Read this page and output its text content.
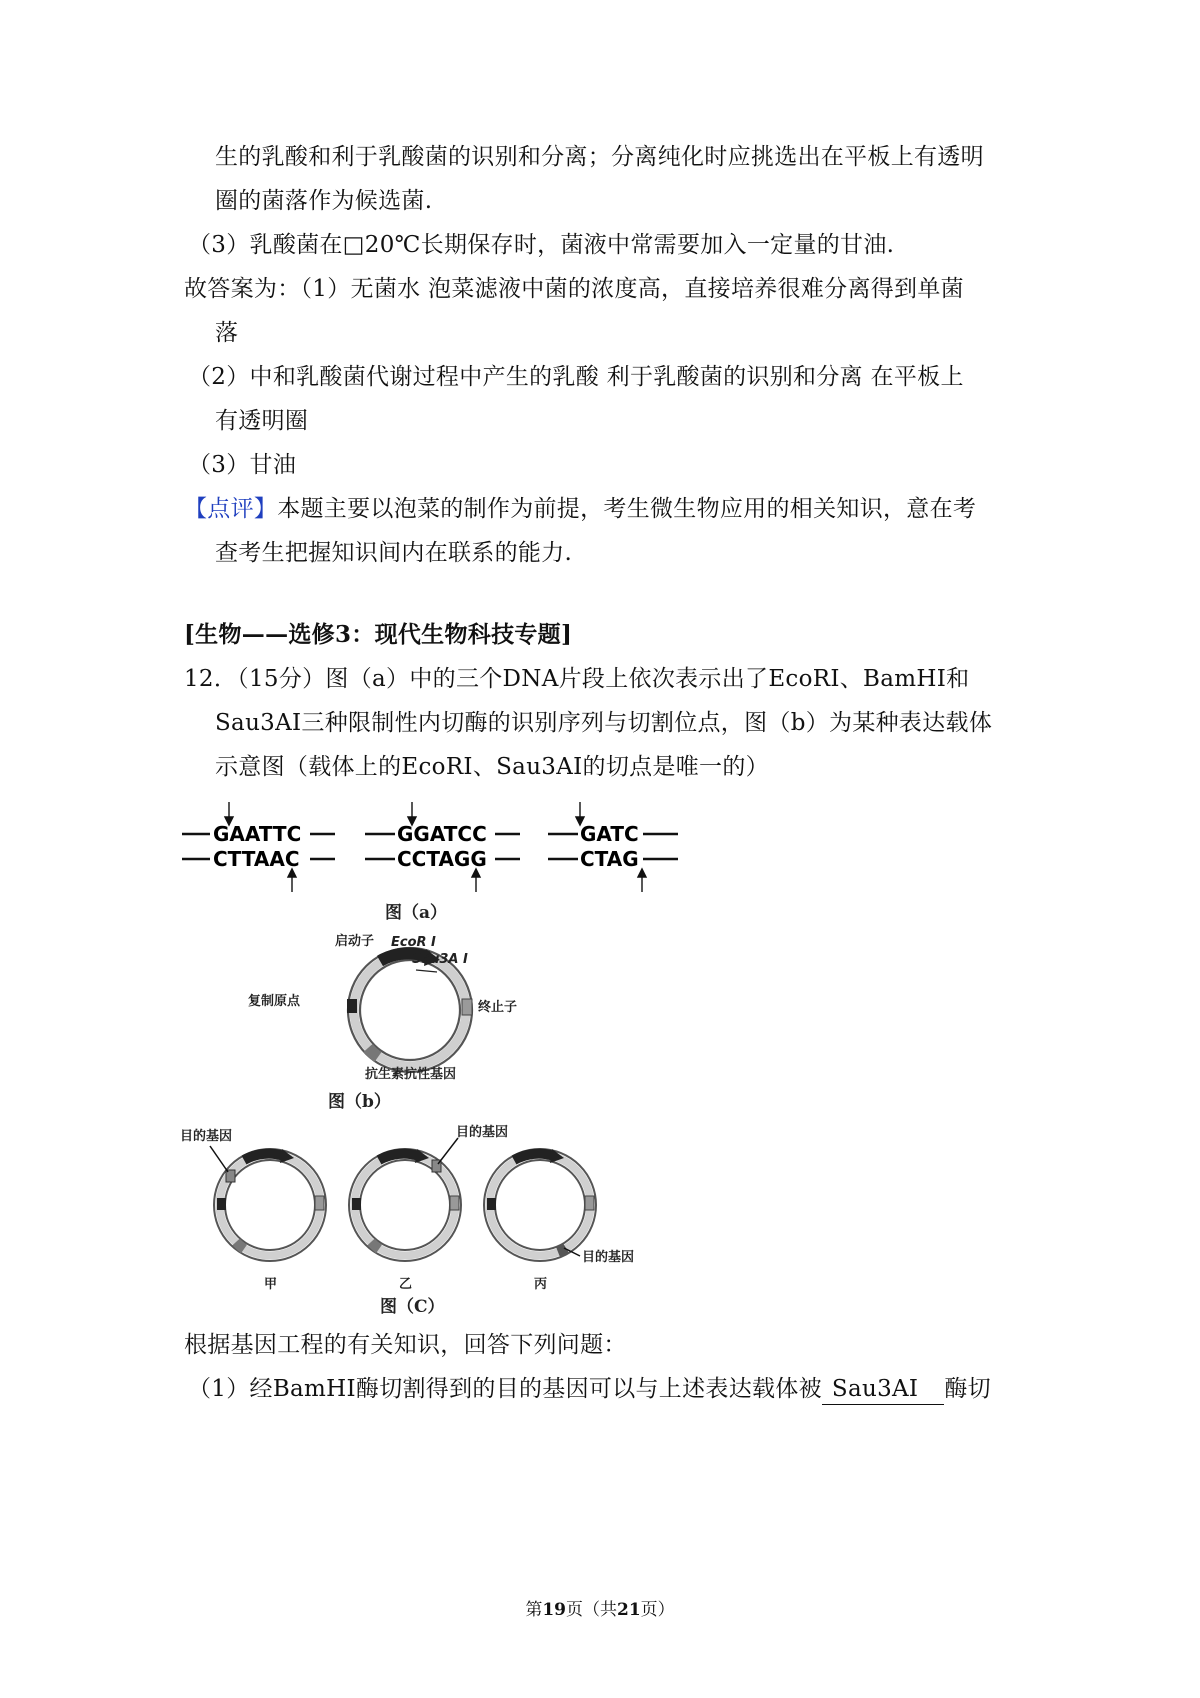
生的乳酸和利于乳酸菌的识别和分离；分离纯化时应挑选出在平板上有透明
圈的菌落作为候选菌.
（3）乳酸菌在□20℃长期保存时，菌液中常需要加入一定量的甘油.
故答案为：（1）无菌水 泡菜滤液中菌的浓度高，直接培养很难分离得到单菌
落
（2）中和乳酸菌代谢过程中产生的乳酸 利于乳酸菌的识别和分离 在平板上
有透明圈
（3）甘油
【点评】本题主要以泡菜的制作为前提，考生微生物应用的相关知识，意在考
查考生把握知识间内在联系的能力.
[生物——选修3：现代生物科技专题]
12．（15分）图（a）中的三个DNA片段上依次表示出了EcoRI、BamHI和
Sau3AI三种限制性内切酶的识别序列与切割位点，图（b）为某种表达载体
示意图（载体上的EcoRI、Sau3AI的切点是唯一的）
GAATTC
CTTAAC
GGATCC
CCTAGG
GATC
CTAG
图（a）
启动子 EcoR I
Sau3A I
复制原点	终止子
抗生素抗性基因
图（b）
目的基因	目的基因
目的基因
甲	乙	丙
图（C）
根据基因工程的有关知识，回答下列问题：
（1）经BamHI酶切割得到的目的基因可以与上述表达载体被 Sau3AI 酶切
第19页（共21页）
